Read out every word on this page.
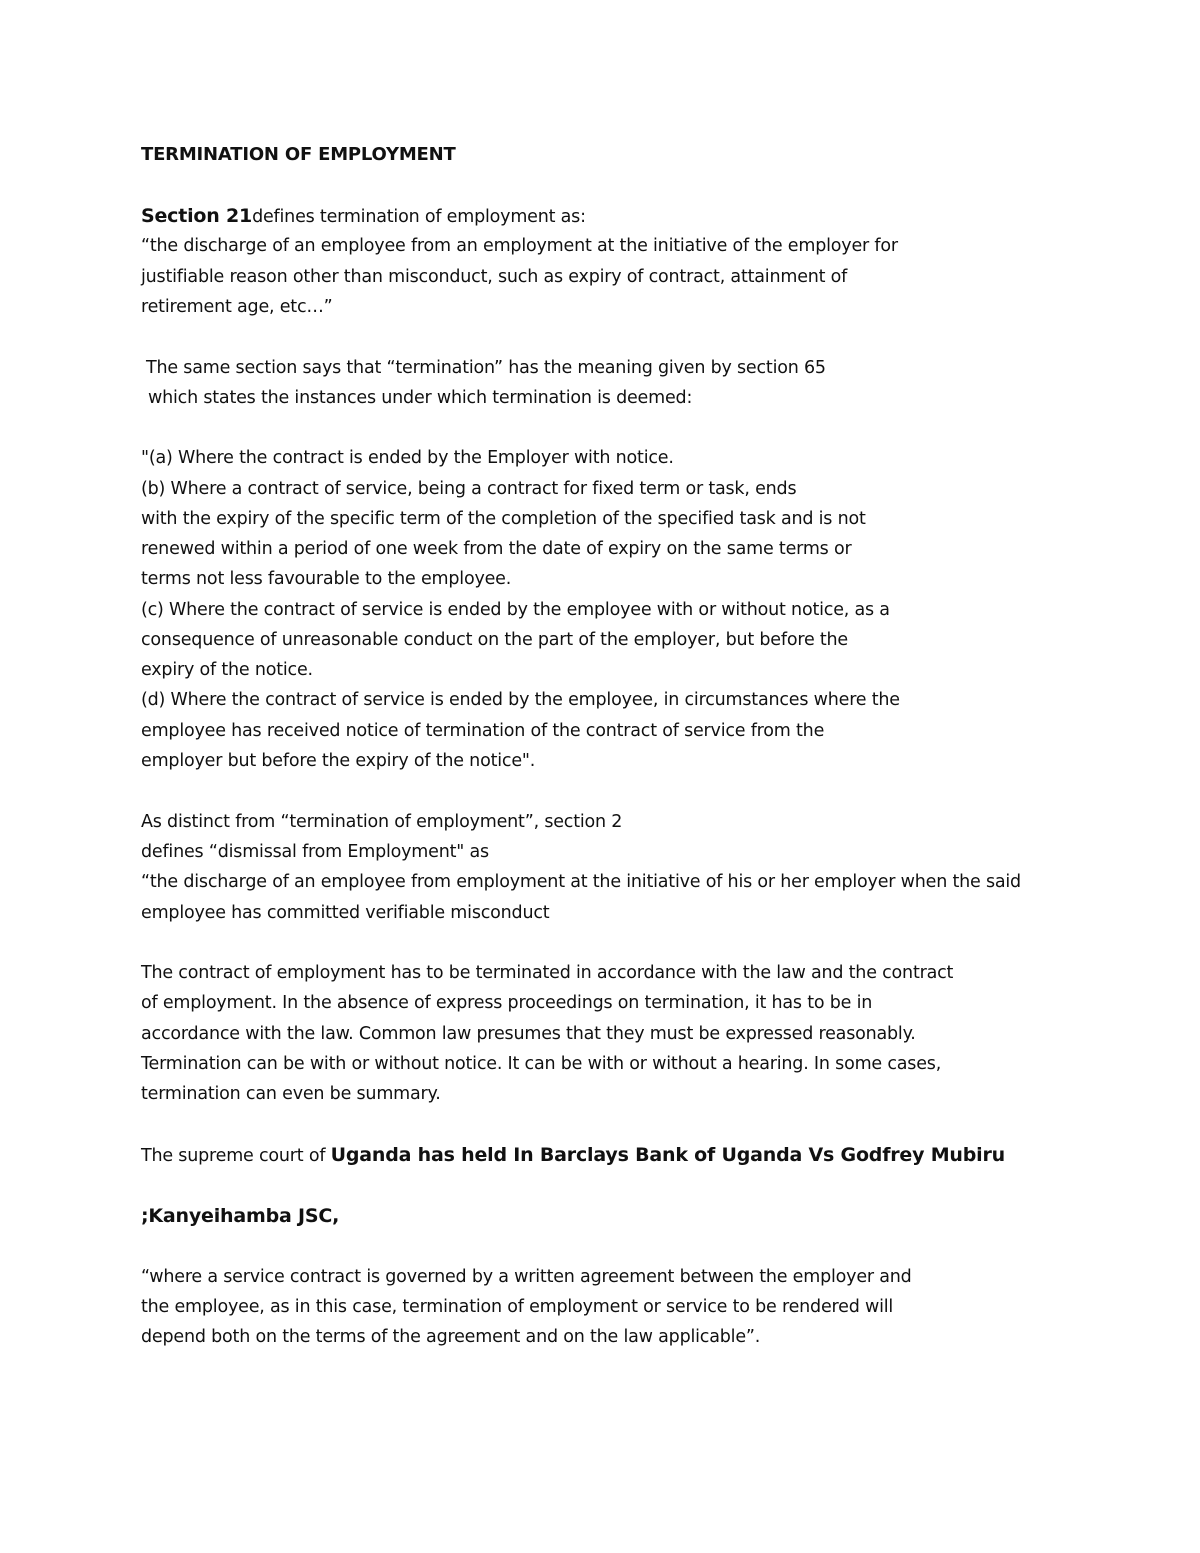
TERMINATION OF EMPLOYMENT
Section 21defines termination of employment as:
“the discharge of an employee from an employment at the initiative of the employer for
justifiable reason other than misconduct, such as expiry of contract, attainment of
retirement age, etc…”
The same section says that “termination” has the meaning given by section 65
which states the instances under which termination is deemed:
"(a) Where the contract is ended by the Employer with notice.
(b) Where a contract of service, being a contract for fixed term or task, ends
with the expiry of the specific term of the completion of the specified task and is not
renewed within a period of one week from the date of expiry on the same terms or
terms not less favourable to the employee.
(c) Where the contract of service is ended by the employee with or without notice, as a
consequence of unreasonable conduct on the part of the employer, but before the
expiry of the notice.
(d) Where the contract of service is ended by the employee, in circumstances where the
employee has received notice of termination of the contract of service from the
employer but before the expiry of the notice".
As distinct from “termination of employment”, section 2
defines “dismissal from Employment" as
“the discharge of an employee from employment at the initiative of his or her employer when the said
employee has committed verifiable misconduct
The contract of employment has to be terminated in accordance with the law and the contract
of employment. In the absence of express proceedings on termination, it has to be in
accordance with the law. Common law presumes that they must be expressed reasonably.
Termination can be with or without notice. It can be with or without a hearing. In some cases,
termination can even be summary.
The supreme court of Uganda has held In Barclays Bank of Uganda Vs Godfrey Mubiru
;Kanyeihamba JSC,
“where a service contract is governed by a written agreement between the employer and
the employee, as in this case, termination of employment or service to be rendered will
depend both on the terms of the agreement and on the law applicable”.
